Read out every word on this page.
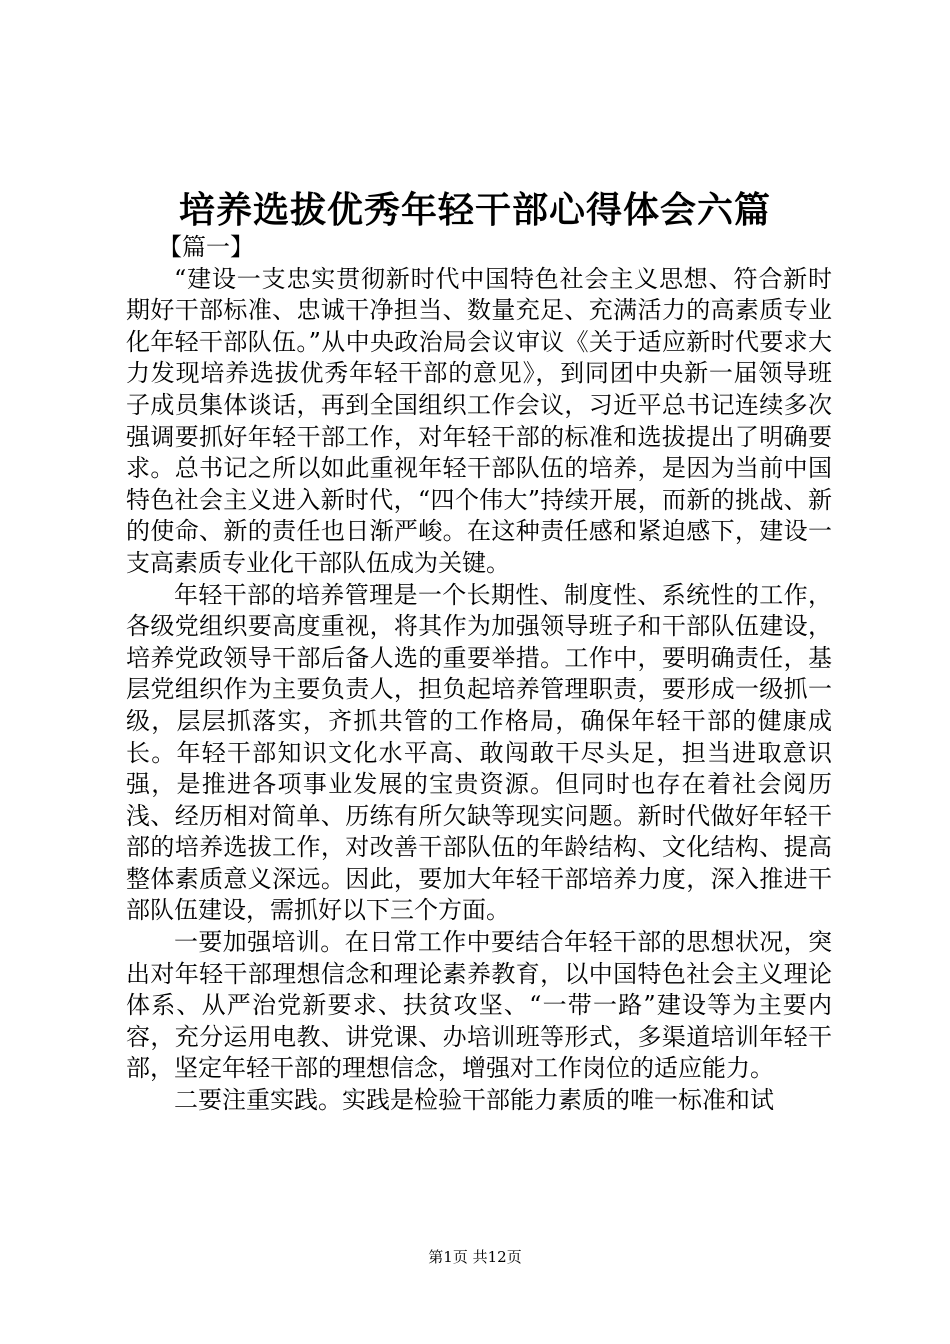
培养选拔优秀年轻干部心得体会六篇

【篇一】

“建设一支忠实贯彻新时代中国特色社会主义思想、符合新时期好干部标准、忠诚干净担当、数量充足、充满活力的高素质专业化年轻干部队伍。”从中央政治局会议审议《关于适应新时代要求大力发现培养选拔优秀年轻干部的意见》，到同团中央新一届领导班子成员集体谈话，再到全国组织工作会议，习近平总书记连续多次强调要抓好年轻干部工作，对年轻干部的标准和选拔提出了明确要求。总书记之所以如此重视年轻干部队伍的培养，是因为当前中国特色社会主义进入新时代，“四个伟大”持续开展，而新的挑战、新的使命、新的责任也日渐严峻。在这种责任感和紧迫感下，建设一支高素质专业化干部队伍成为关键。

年轻干部的培养管理是一个长期性、制度性、系统性的工作，各级党组织要高度重视，将其作为加强领导班子和干部队伍建设，培养党政领导干部后备人选的重要举措。工作中，要明确责任，基层党组织作为主要负责人，担负起培养管理职责，要形成一级抓一级，层层抓落实，齐抓共管的工作格局，确保年轻干部的健康成长。年轻干部知识文化水平高、敢闯敢干尽头足，担当进取意识强，是推进各项事业发展的宝贵资源。但同时也存在着社会阅历浅、经历相对简单、历练有所欠缺等现实问题。新时代做好年轻干部的培养选拔工作，对改善干部队伍的年龄结构、文化结构、提高整体素质意义深远。因此，要加大年轻干部培养力度，深入推进干部队伍建设，需抓好以下三个方面。

一要加强培训。在日常工作中要结合年轻干部的思想状况，突出对年轻干部理想信念和理论素养教育，以中国特色社会主义理论体系、从严治党新要求、扶贫攻坚、“一带一路”建设等为主要内容，充分运用电教、讲党课、办培训班等形式，多渠道培训年轻干部，坚定年轻干部的理想信念，增强对工作岗位的适应能力。

二要注重实践。实践是检验干部能力素质的唯一标准和试

第1页 共12页
